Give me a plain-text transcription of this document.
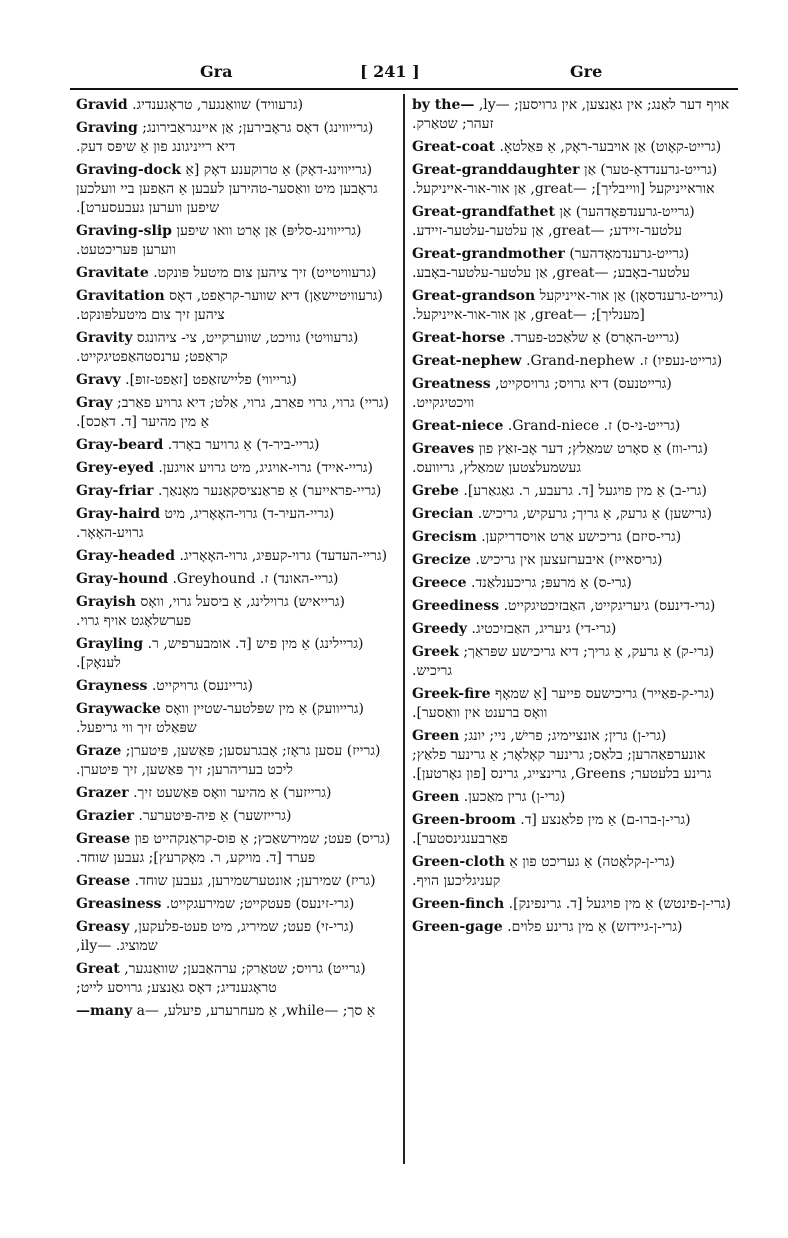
Gra	[ 241 ]	Gre
Gravid (גרעוויד) שוואַנגער, טראָגענדיג.
Graving (גרייווינג) דאָס גראָבירען; אַן איינגראַבירונג; דיא רייניגונג פון אַ שיפּס דעק.
Graving-dock (גרייווינג-דאָק) אַ טרוקענע דאָק [אַ גראָבען מיט וואַסער-טהירען לעבען אַ האַפען ביי וועלכען שיפען ווערען געבעסערט].
Graving-slip (גרייווינג-סליפּ) אַן אָרט וואו שיפען ווערען פּעריכטעט.
Gravitate (גרעוויטייט) זיך ציהען צום מיטעל פּונקט.
Gravitation (גרעוויטיישאַן) דיא שווער-קראַפט, דאָס ציהען זיך צום מיטעלפּונקט.
Gravity (גרעוויטי) גוויכט, שווערקייט, צי- ציהונגס קראַפט; ערנסטהאַפטיגקייט.
Gravy (גרייווי) פליישזאַפט [זאַפט-זופּ].
Gray (גריי) גרוי, גרוי פאַרב, גרוי, אַלט; דיא גרויע פאַרב; אַ מין מהיער [ד. דאַכס].
Gray-beard (גריי-ביר-ד) אַ גרויער באָרד.
Grey-eyed (גריי-אייד) גרוי-אויגיג, מיט גרויע אויגען.
Gray-friar (גריי-פראייער) אַ פראַנציסקאַנער מאָנאַך.
Gray-haird (גריי-העיר-ד) גרוי-האָאָריג, מיט גרויע-האָאָר.
Gray-headed (גריי-העדעד) גרוי-קעפּיג, גרוי-האָאָריג.
Gray-hound (גריי-האונד) ז. Greyhound.
Grayish (גרייאיש) גרוילינג, אַ ביסעל גרוי, וואָס פערשלאָגט אויף גרוי.
Grayling (גריילינג) אַ מין פיש [ד. אומבערפיש, ר. לענאָק].
Grayness (גריינעס) גרויקייט.
Graywacke (גרייוועק) אַ מין שפּלטער-שטיין וואָס שפּאַלט זיך ווי גריפעל.
Graze (גרייז) עסען גראָז; אָבגרעסען; פּאַשען, פּיטערן; ליכט בעריהרען; זיך פּאַשען, זיך פּיטערן.
Grazer (גרייזער) אַ מהיער וואָס פּאַשעט זיך.
Grazier (גרייזשער) אַ פיה-פּיטערער.
Grease (גריס) פעט; שמירשאַכץ; אַ פוס-קראַנקהייט פון פערד [ד. מויקע, ר. מאָקרעץ]; געבען שוחד.
Grease (גריז) שמירען; אונטערשמירען, געבען שוחד.
Greasiness (גרי-זינעס) פעטקייט; שמירעגקייט.
Greasy (גרי-זי) פעט; שמיריג, מיט פעט-פלעקען, שמוציג. —ily,
Great (גרייט) גרויס; שטאַרק; ערהאַבען; שוואַנגער, טראָגענדיג; דאָס גאַנצע; גרויסע לייט;
—many אַ סך; —while, אַ מעחרערע, פיעלע, —a
by the— אויף דער לאַנג; אין גאַנצען, אין גרויסען; —ly, זעהר; שטאַרק.
Great-coat (גרייט-קאָוט) אַן אויבער-ראָק, אַ פּאַלטאָ.
Great-granddaughter (גרייט-גרענדדאָ-טער) אַן אוראייניקעל [ווייבליך]; —great, אַן אור-אור-אייניקעל.
Great-grandfathet (גרייט-גרענדפאָדהער) אַן עלטער-זיידע; —great, אַן עלטער-עלטער-זיידע.
Great-grandmother (גרייט-גרענדמאָדהער) עלטער-באָבע; —great, אַן עלטער-עלטער-באָבע.
Great-grandson (גרייט-גרענדסאָן) אַן אור-אייניקעל [מענליך]; —great, אַן אור-אור-אייניקעל.
Great-horse (גרייט-האָרס) אַ שלאַכט-פערד.
Great-nephew (גרייט-נעפיו) ז. Grand-nephew.
Greatness (גרייטנעס) דיא גרויס; גרויסקייט, וויכטיגקייט.
Great-niece (גרייט-ני-ס) ז. Grand-niece.
Greaves (גרי-ווז) אַ סאָרט שמאַלץ; דער אָב-זאַץ פון געשמעלצטען שמאַלץ, גריוועס.
Grebe (גרי-ב) אַ מין פויגעל [ד. גרעבע, ר. גאַגאַרע].
Grecian (גרישען) אַ גרעק, אַ גריך; גרעקיש, גריכיש.
Grecism (גרי-סיזם) גריכישע אַרט אויסדריקען.
Grecize (גריסאייז) איבערזעצען אין גריכיש.
Greece (גרי-ס) אַ מרעפּ; גריכענלאַנד.
Greediness (גרי-דינעס) גיעריגקייט, האַבזיכטיגקייט.
Greedy (גרי-די) גיעריג, האַבזיכטיג.
Greek (גרי-ק) אַ גרעק, אַ גריך; דיא גריכישע שפּראַך; גריכיש.
Greek-fire (גרי-ק-פאַייר) גריכישעס פייער [אַ שמאָף וואָס ברענט אין וואַסער].
Green (גרי-ן) גרין; אונציימיג; פרישׁ, ניי; יונג; אונערפאַהרען; בלאַס; גרינער קאָלאָר; אַ גרינער פלאַץ; גרינע בלעטער; Greens, גרינצייג, גרינס [פון גאָרטען].
Green (גרי-ן) גרין מאַכען.
Green-broom (גרי-ן-ברו-ם) אַ מין פלאַנצע [ד. פאַרבענגינסטער].
Green-cloth (גרי-ן-קלאָטה) אַ געריכט פון אַ קעניגליכען הויף.
Green-finch (גרי-ן-פינטש) אַ מין פויגעל [ד. גרינפינק].
Green-gage (גרי-ן-גיידזש) אַ מין גרינע פלוים.
